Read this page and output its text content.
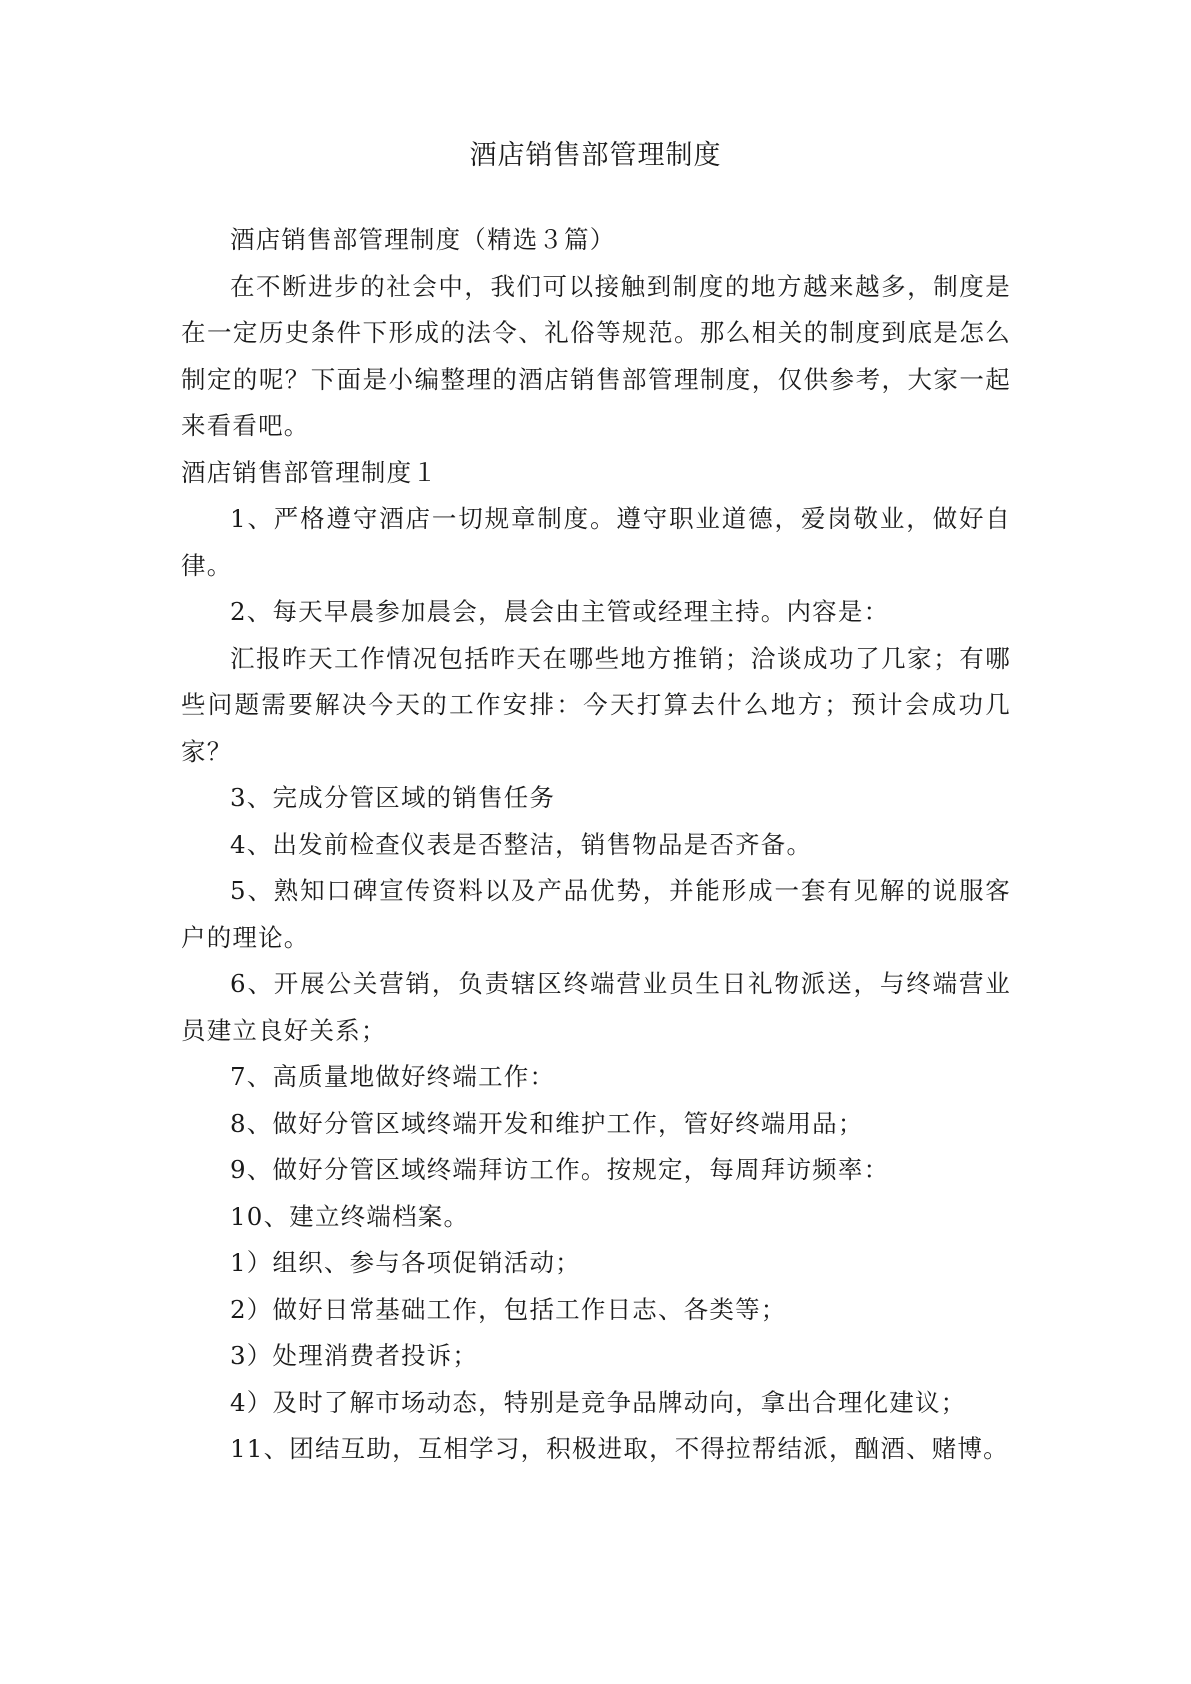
酒店销售部管理制度

酒店销售部管理制度（精选３篇）

在不断进步的社会中，我们可以接触到制度的地方越来越多，制度是在一定历史条件下形成的法令、礼俗等规范。那么相关的制度到底是怎么制定的呢？下面是小编整理的酒店销售部管理制度，仅供参考，大家一起来看看吧。

酒店销售部管理制度１

1、严格遵守酒店一切规章制度。遵守职业道德，爱岗敬业，做好自律。

2、每天早晨参加晨会，晨会由主管或经理主持。内容是：

汇报昨天工作情况包括昨天在哪些地方推销；洽谈成功了几家；有哪些问题需要解决今天的工作安排：今天打算去什么地方；预计会成功几家？

3、完成分管区域的销售任务

4、出发前检查仪表是否整洁，销售物品是否齐备。

5、熟知口碑宣传资料以及产品优势，并能形成一套有见解的说服客户的理论。

6、开展公关营销，负责辖区终端营业员生日礼物派送，与终端营业员建立良好关系；

7、高质量地做好终端工作：

8、做好分管区域终端开发和维护工作，管好终端用品；

9、做好分管区域终端拜访工作。按规定，每周拜访频率：

10、建立终端档案。

1）组织、参与各项促销活动；

2）做好日常基础工作，包括工作日志、各类等；

3）处理消费者投诉；

4）及时了解市场动态，特别是竞争品牌动向，拿出合理化建议；

11、团结互助，互相学习，积极进取，不得拉帮结派，酗酒、赌博。
